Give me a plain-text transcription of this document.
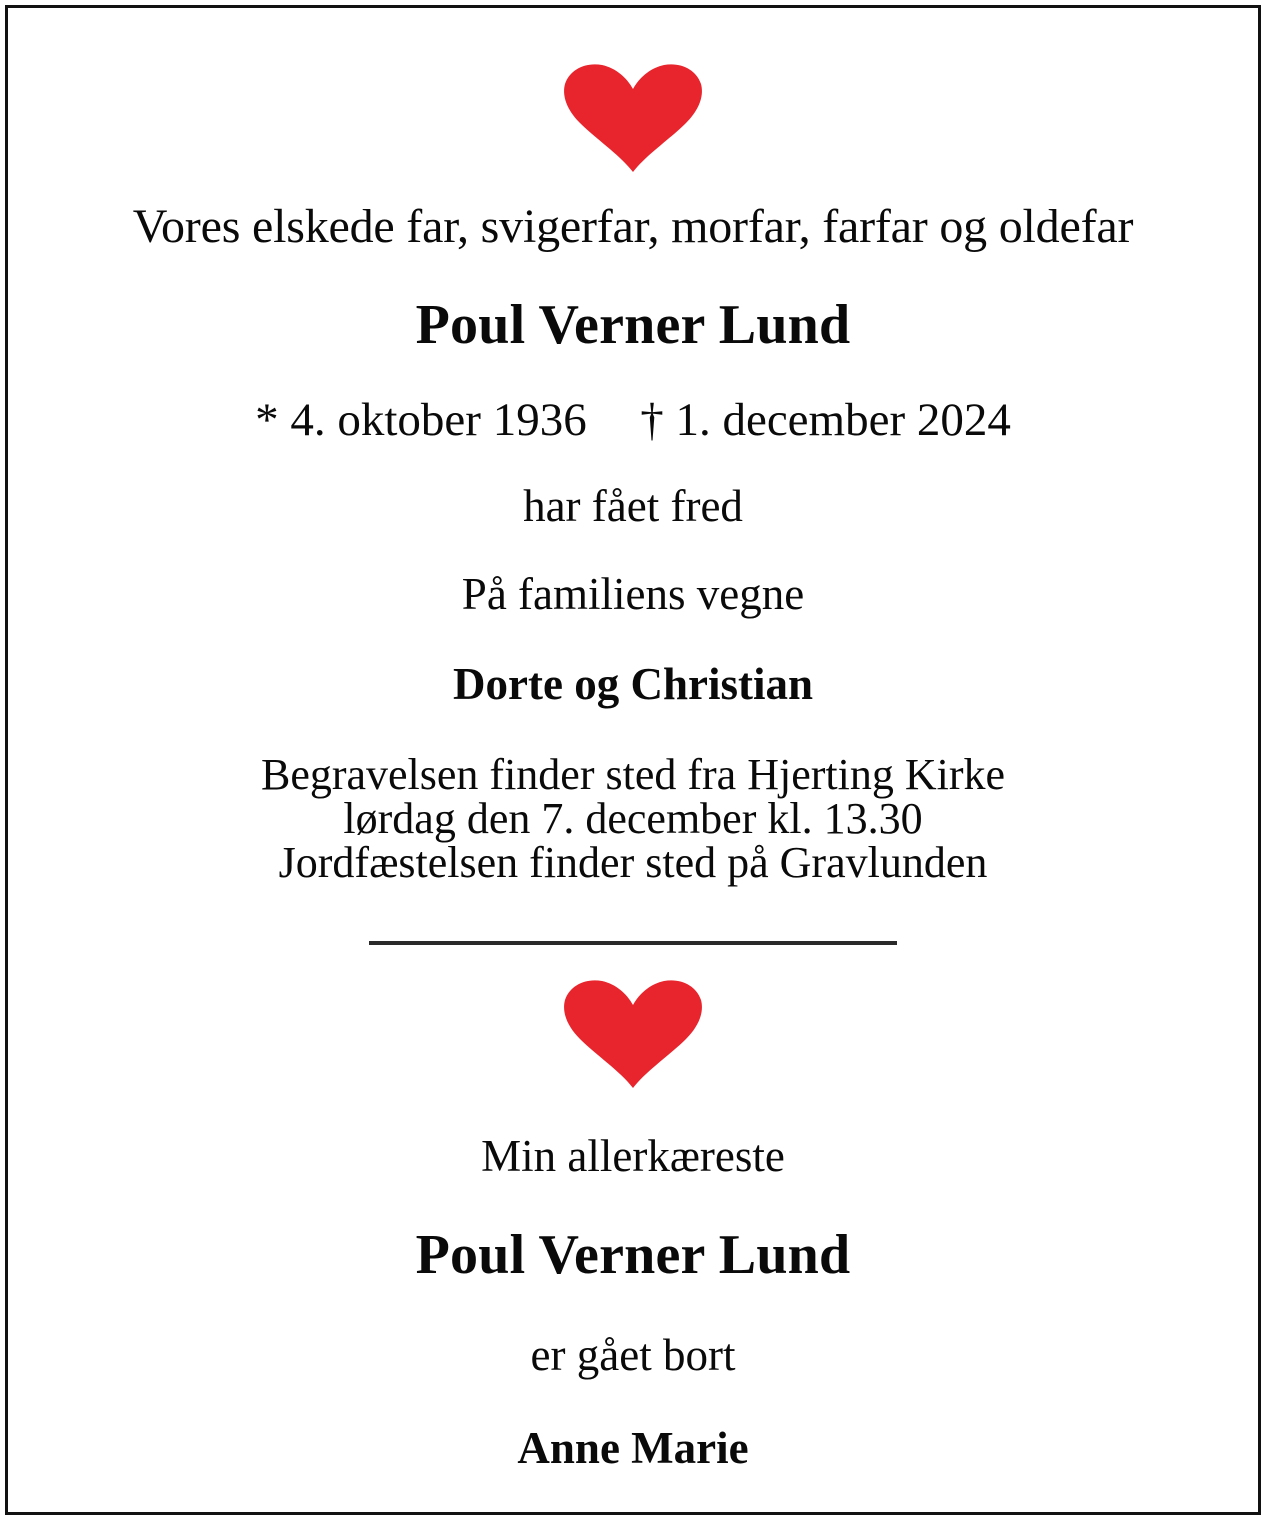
Vores elskede far, svigerfar, morfar, farfar og oldefar
Poul Verner Lund
* 4. oktober 1936 † 1. december 2024
har fået fred
På familiens vegne
Dorte og Christian
Begravelsen finder sted fra Hjerting Kirke
lørdag den 7. december kl. 13.30
Jordfæstelsen finder sted på Gravlunden
Min allerkæreste
Poul Verner Lund
er gået bort
Anne Marie
